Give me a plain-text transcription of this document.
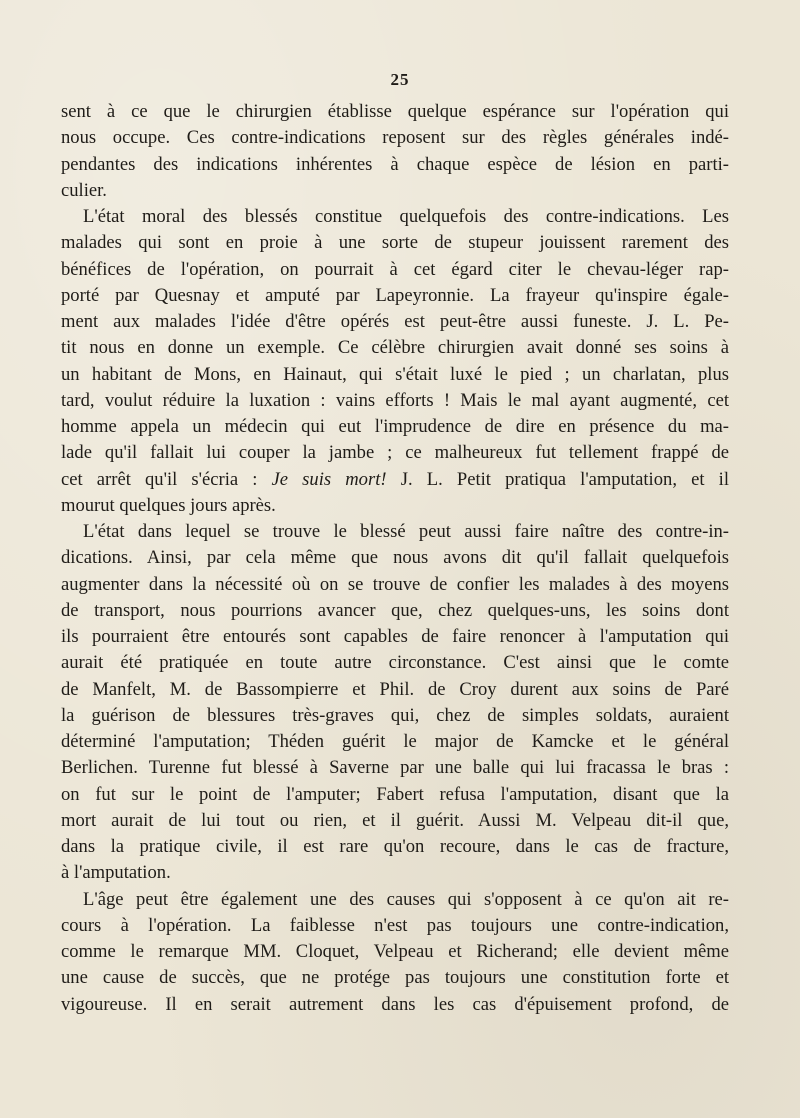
25
sent à ce que le chirurgien établisse quelque espérance sur l'opération qui
nous occupe. Ces contre-indications reposent sur des règles générales indé-
pendantes des indications inhérentes à chaque espèce de lésion en parti-
culier.
L'état moral des blessés constitue quelquefois des contre-indications. Les
malades qui sont en proie à une sorte de stupeur jouissent rarement des
bénéfices de l'opération, on pourrait à cet égard citer le chevau-léger rap-
porté par Quesnay et amputé par Lapeyronnie. La frayeur qu'inspire égale-
ment aux malades l'idée d'être opérés est peut-être aussi funeste. J. L. Pe-
tit nous en donne un exemple. Ce célèbre chirurgien avait donné ses soins à
un habitant de Mons, en Hainaut, qui s'était luxé le pied ; un charlatan, plus
tard, voulut réduire la luxation : vains efforts ! Mais le mal ayant augmenté, cet
homme appela un médecin qui eut l'imprudence de dire en présence du ma-
lade qu'il fallait lui couper la jambe ; ce malheureux fut tellement frappé de
cet arrêt qu'il s'écria : Je suis mort! J. L. Petit pratiqua l'amputation, et il
mourut quelques jours après.
L'état dans lequel se trouve le blessé peut aussi faire naître des contre-in-
dications. Ainsi, par cela même que nous avons dit qu'il fallait quelquefois
augmenter dans la nécessité où on se trouve de confier les malades à des moyens
de transport, nous pourrions avancer que, chez quelques-uns, les soins dont
ils pourraient être entourés sont capables de faire renoncer à l'amputation qui
aurait été pratiquée en toute autre circonstance. C'est ainsi que le comte
de Manfelt, M. de Bassompierre et Phil. de Croy durent aux soins de Paré
la guérison de blessures très-graves qui, chez de simples soldats, auraient
déterminé l'amputation; Théden guérit le major de Kamcke et le général
Berlichen. Turenne fut blessé à Saverne par une balle qui lui fracassa le bras :
on fut sur le point de l'amputer; Fabert refusa l'amputation, disant que la
mort aurait de lui tout ou rien, et il guérit. Aussi M. Velpeau dit-il que,
dans la pratique civile, il est rare qu'on recoure, dans le cas de fracture,
à l'amputation.
L'âge peut être également une des causes qui s'opposent à ce qu'on ait re-
cours à l'opération. La faiblesse n'est pas toujours une contre-indication,
comme le remarque MM. Cloquet, Velpeau et Richerand; elle devient même
une cause de succès, que ne protége pas toujours une constitution forte et
vigoureuse. Il en serait autrement dans les cas d'épuisement profond, de
